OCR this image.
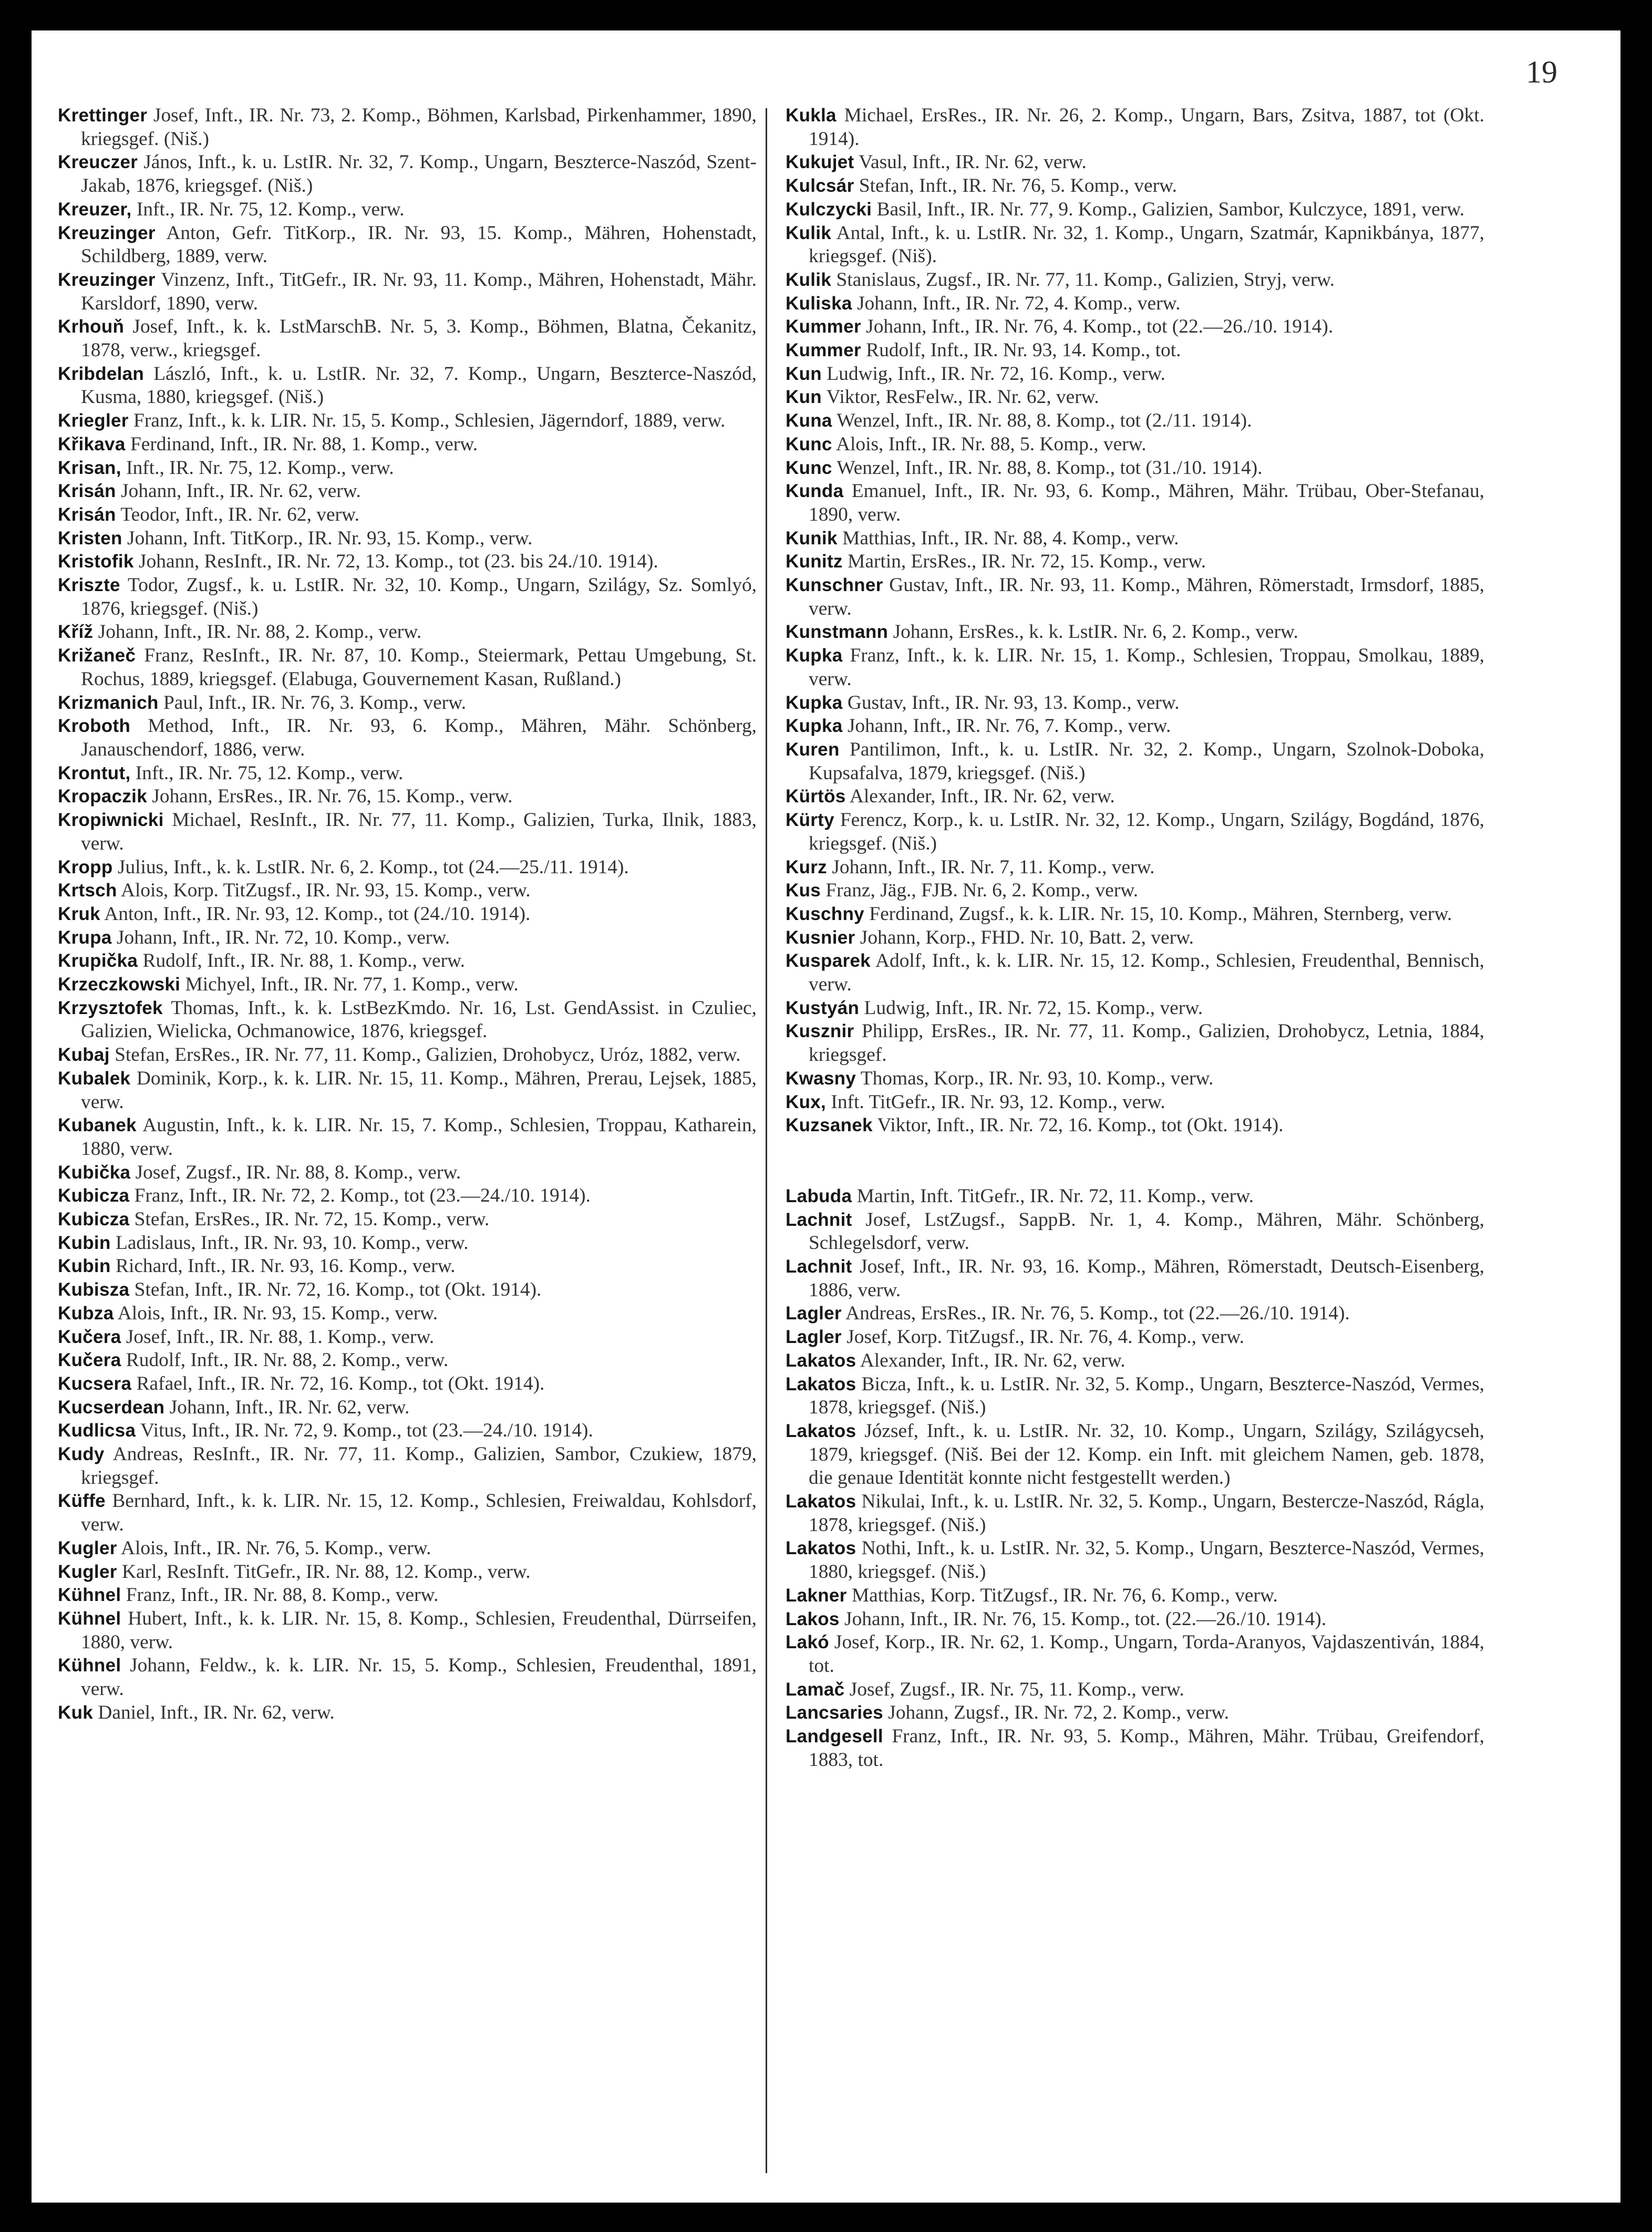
19
Krettinger Josef, Inft., IR. Nr. 73, 2. Komp., Böhmen, Karlsbad, Pirkenhammer, 1890, kriegsgef. (Niš.)
Kreuczer János, Inft., k. u. LstIR. Nr. 32, 7. Komp., Ungarn, Beszterce-Naszód, Szent-Jakab, 1876, kriegsgef. (Niš.)
Kreuzer, Inft., IR. Nr. 75, 12. Komp., verw.
Kreuzinger Anton, Gefr. TitKorp., IR. Nr. 93, 15. Komp., Mähren, Hohenstadt, Schildberg, 1889, verw.
Kreuzinger Vinzenz, Inft., TitGefr., IR. Nr. 93, 11. Komp., Mähren, Hohenstadt, Mähr. Karsldorf, 1890, verw.
Krhouň Josef, Inft., k. k. LstMarschB. Nr. 5, 3. Komp., Böhmen, Blatna, Čekanitz, 1878, verw., kriegsgef.
Kribdelan László, Inft., k. u. LstIR. Nr. 32, 7. Komp., Ungarn, Beszterce-Naszód, Kusma, 1880, kriegsgef. (Niš.)
Kriegler Franz, Inft., k. k. LIR. Nr. 15, 5. Komp., Schlesien, Jägerndorf, 1889, verw.
Křikava Ferdinand, Inft., IR. Nr. 88, 1. Komp., verw.
Krisan, Inft., IR. Nr. 75, 12. Komp., verw.
Krisán Johann, Inft., IR. Nr. 62, verw.
Krisán Teodor, Inft., IR. Nr. 62, verw.
Kristen Johann, Inft. TitKorp., IR. Nr. 93, 15. Komp., verw.
Kristofik Johann, ResInft., IR. Nr. 72, 13. Komp., tot (23. bis 24./10. 1914).
Kriszte Todor, Zugsf., k. u. LstIR. Nr. 32, 10. Komp., Ungarn, Szilágy, Sz. Somlyó, 1876, kriegsgef. (Niš.)
Kříž Johann, Inft., IR. Nr. 88, 2. Komp., verw.
Križaneč Franz, ResInft., IR. Nr. 87, 10. Komp., Steiermark, Pettau Umgebung, St. Rochus, 1889, kriegsgef. (Elabuga, Gouvernement Kasan, Rußland.)
Krizmanich Paul, Inft., IR. Nr. 76, 3. Komp., verw.
Kroboth Method, Inft., IR. Nr. 93, 6. Komp., Mähren, Mähr. Schönberg, Janauschendorf, 1886, verw.
Krontut, Inft., IR. Nr. 75, 12. Komp., verw.
Kropaczik Johann, ErsRes., IR. Nr. 76, 15. Komp., verw.
Kropiwnicki Michael, ResInft., IR. Nr. 77, 11. Komp., Galizien, Turka, Ilnik, 1883, verw.
Kropp Julius, Inft., k. k. LstIR. Nr. 6, 2. Komp., tot (24.—25./11. 1914).
Krtsch Alois, Korp. TitZugsf., IR. Nr. 93, 15. Komp., verw.
Kruk Anton, Inft., IR. Nr. 93, 12. Komp., tot (24./10. 1914).
Krupa Johann, Inft., IR. Nr. 72, 10. Komp., verw.
Krupička Rudolf, Inft., IR. Nr. 88, 1. Komp., verw.
Krzeczkowski Michyel, Inft., IR. Nr. 77, 1. Komp., verw.
Krzysztofek Thomas, Inft., k. k. LstBezKmdo. Nr. 16, Lst. GendAssist. in Czuliec, Galizien, Wielicka, Ochmanowice, 1876, kriegsgef.
Kubaj Stefan, ErsRes., IR. Nr. 77, 11. Komp., Galizien, Drohobycz, Uróz, 1882, verw.
Kubalek Dominik, Korp., k. k. LIR. Nr. 15, 11. Komp., Mähren, Prerau, Lejsek, 1885, verw.
Kubanek Augustin, Inft., k. k. LIR. Nr. 15, 7. Komp., Schlesien, Troppau, Katharein, 1880, verw.
Kubička Josef, Zugsf., IR. Nr. 88, 8. Komp., verw.
Kubicza Franz, Inft., IR. Nr. 72, 2. Komp., tot (23.—24./10. 1914).
Kubicza Stefan, ErsRes., IR. Nr. 72, 15. Komp., verw.
Kubin Ladislaus, Inft., IR. Nr. 93, 10. Komp., verw.
Kubin Richard, Inft., IR. Nr. 93, 16. Komp., verw.
Kubisza Stefan, Inft., IR. Nr. 72, 16. Komp., tot (Okt. 1914).
Kubza Alois, Inft., IR. Nr. 93, 15. Komp., verw.
Kučera Josef, Inft., IR. Nr. 88, 1. Komp., verw.
Kučera Rudolf, Inft., IR. Nr. 88, 2. Komp., verw.
Kucsera Rafael, Inft., IR. Nr. 72, 16. Komp., tot (Okt. 1914).
Kucserdean Johann, Inft., IR. Nr. 62, verw.
Kudlicsa Vitus, Inft., IR. Nr. 72, 9. Komp., tot (23.—24./10. 1914).
Kudy Andreas, ResInft., IR. Nr. 77, 11. Komp., Galizien, Sambor, Czukiew, 1879, kriegsgef.
Küffe Bernhard, Inft., k. k. LIR. Nr. 15, 12. Komp., Schlesien, Freiwaldau, Kohlsdorf, verw.
Kugler Alois, Inft., IR. Nr. 76, 5. Komp., verw.
Kugler Karl, ResInft. TitGefr., IR. Nr. 88, 12. Komp., verw.
Kühnel Franz, Inft., IR. Nr. 88, 8. Komp., verw.
Kühnel Hubert, Inft., k. k. LIR. Nr. 15, 8. Komp., Schlesien, Freudenthal, Dürrseifen, 1880, verw.
Kühnel Johann, Feldw., k. k. LIR. Nr. 15, 5. Komp., Schlesien, Freudenthal, 1891, verw.
Kuk Daniel, Inft., IR. Nr. 62, verw.
Kukla Michael, ErsRes., IR. Nr. 26, 2. Komp., Ungarn, Bars, Zsitva, 1887, tot (Okt. 1914).
Kukujet Vasul, Inft., IR. Nr. 62, verw.
Kulcsár Stefan, Inft., IR. Nr. 76, 5. Komp., verw.
Kulczycki Basil, Inft., IR. Nr. 77, 9. Komp., Galizien, Sambor, Kulczyce, 1891, verw.
Kulik Antal, Inft., k. u. LstIR. Nr. 32, 1. Komp., Ungarn, Szatmár, Kapnikbánya, 1877, kriegsgef. (Niš).
Kulik Stanislaus, Zugsf., IR. Nr. 77, 11. Komp., Galizien, Stryj, verw.
Kuliska Johann, Inft., IR. Nr. 72, 4. Komp., verw.
Kummer Johann, Inft., IR. Nr. 76, 4. Komp., tot (22.—26./10. 1914).
Kummer Rudolf, Inft., IR. Nr. 93, 14. Komp., tot.
Kun Ludwig, Inft., IR. Nr. 72, 16. Komp., verw.
Kun Viktor, ResFelw., IR. Nr. 62, verw.
Kuna Wenzel, Inft., IR. Nr. 88, 8. Komp., tot (2./11. 1914).
Kunc Alois, Inft., IR. Nr. 88, 5. Komp., verw.
Kunc Wenzel, Inft., IR. Nr. 88, 8. Komp., tot (31./10. 1914).
Kunda Emanuel, Inft., IR. Nr. 93, 6. Komp., Mähren, Mähr. Trübau, Ober-Stefanau, 1890, verw.
Kunik Matthias, Inft., IR. Nr. 88, 4. Komp., verw.
Kunitz Martin, ErsRes., IR. Nr. 72, 15. Komp., verw.
Kunschner Gustav, Inft., IR. Nr. 93, 11. Komp., Mähren, Römerstadt, Irmsdorf, 1885, verw.
Kunstmann Johann, ErsRes., k. k. LstIR. Nr. 6, 2. Komp., verw.
Kupka Franz, Inft., k. k. LIR. Nr. 15, 1. Komp., Schlesien, Troppau, Smolkau, 1889, verw.
Kupka Gustav, Inft., IR. Nr. 93, 13. Komp., verw.
Kupka Johann, Inft., IR. Nr. 76, 7. Komp., verw.
Kuren Pantilimon, Inft., k. u. LstIR. Nr. 32, 2. Komp., Ungarn, Szolnok-Doboka, Kupsafalva, 1879, kriegsgef. (Niš.)
Kürtös Alexander, Inft., IR. Nr. 62, verw.
Kürty Ferencz, Korp., k. u. LstIR. Nr. 32, 12. Komp., Ungarn, Szilágy, Bogdánd, 1876, kriegsgef. (Niš.)
Kurz Johann, Inft., IR. Nr. 7, 11. Komp., verw.
Kus Franz, Jäg., FJB. Nr. 6, 2. Komp., verw.
Kuschny Ferdinand, Zugsf., k. k. LIR. Nr. 15, 10. Komp., Mähren, Sternberg, verw.
Kusnier Johann, Korp., FHD. Nr. 10, Batt. 2, verw.
Kusparek Adolf, Inft., k. k. LIR. Nr. 15, 12. Komp., Schlesien, Freudenthal, Bennisch, verw.
Kustyán Ludwig, Inft., IR. Nr. 72, 15. Komp., verw.
Kusznir Philipp, ErsRes., IR. Nr. 77, 11. Komp., Galizien, Drohobycz, Letnia, 1884, kriegsgef.
Kwasny Thomas, Korp., IR. Nr. 93, 10. Komp., verw.
Kux, Inft. TitGefr., IR. Nr. 93, 12. Komp., verw.
Kuzsanek Viktor, Inft., IR. Nr. 72, 16. Komp., tot (Okt. 1914).
Labuda Martin, Inft. TitGefr., IR. Nr. 72, 11. Komp., verw.
Lachnit Josef, LstZugsf., SappB. Nr. 1, 4. Komp., Mähren, Mähr. Schönberg, Schlegelsdorf, verw.
Lachnit Josef, Inft., IR. Nr. 93, 16. Komp., Mähren, Römerstadt, Deutsch-Eisenberg, 1886, verw.
Lagler Andreas, ErsRes., IR. Nr. 76, 5. Komp., tot (22.—26./10. 1914).
Lagler Josef, Korp. TitZugsf., IR. Nr. 76, 4. Komp., verw.
Lakatos Alexander, Inft., IR. Nr. 62, verw.
Lakatos Bicza, Inft., k. u. LstIR. Nr. 32, 5. Komp., Ungarn, Beszterce-Naszód, Vermes, 1878, kriegsgef. (Niš.)
Lakatos József, Inft., k. u. LstIR. Nr. 32, 10. Komp., Ungarn, Szilágy, Szilágycseh, 1879, kriegsgef. (Niš. Bei der 12. Komp. ein Inft. mit gleichem Namen, geb. 1878, die genaue Identität konnte nicht festgestellt werden.)
Lakatos Nikulai, Inft., k. u. LstIR. Nr. 32, 5. Komp., Ungarn, Bestercze-Naszód, Rágla, 1878, kriegsgef. (Niš.)
Lakatos Nothi, Inft., k. u. LstIR. Nr. 32, 5. Komp., Ungarn, Beszterce-Naszód, Vermes, 1880, kriegsgef. (Niš.)
Lakner Matthias, Korp. TitZugsf., IR. Nr. 76, 6. Komp., verw.
Lakos Johann, Inft., IR. Nr. 76, 15. Komp., tot. (22.—26./10. 1914).
Lakó Josef, Korp., IR. Nr. 62, 1. Komp., Ungarn, Torda-Aranyos, Vajdaszentiván, 1884, tot.
Lamač Josef, Zugsf., IR. Nr. 75, 11. Komp., verw.
Lancsaries Johann, Zugsf., IR. Nr. 72, 2. Komp., verw.
Landgesell Franz, Inft., IR. Nr. 93, 5. Komp., Mähren, Mähr. Trübau, Greifendorf, 1883, tot.
